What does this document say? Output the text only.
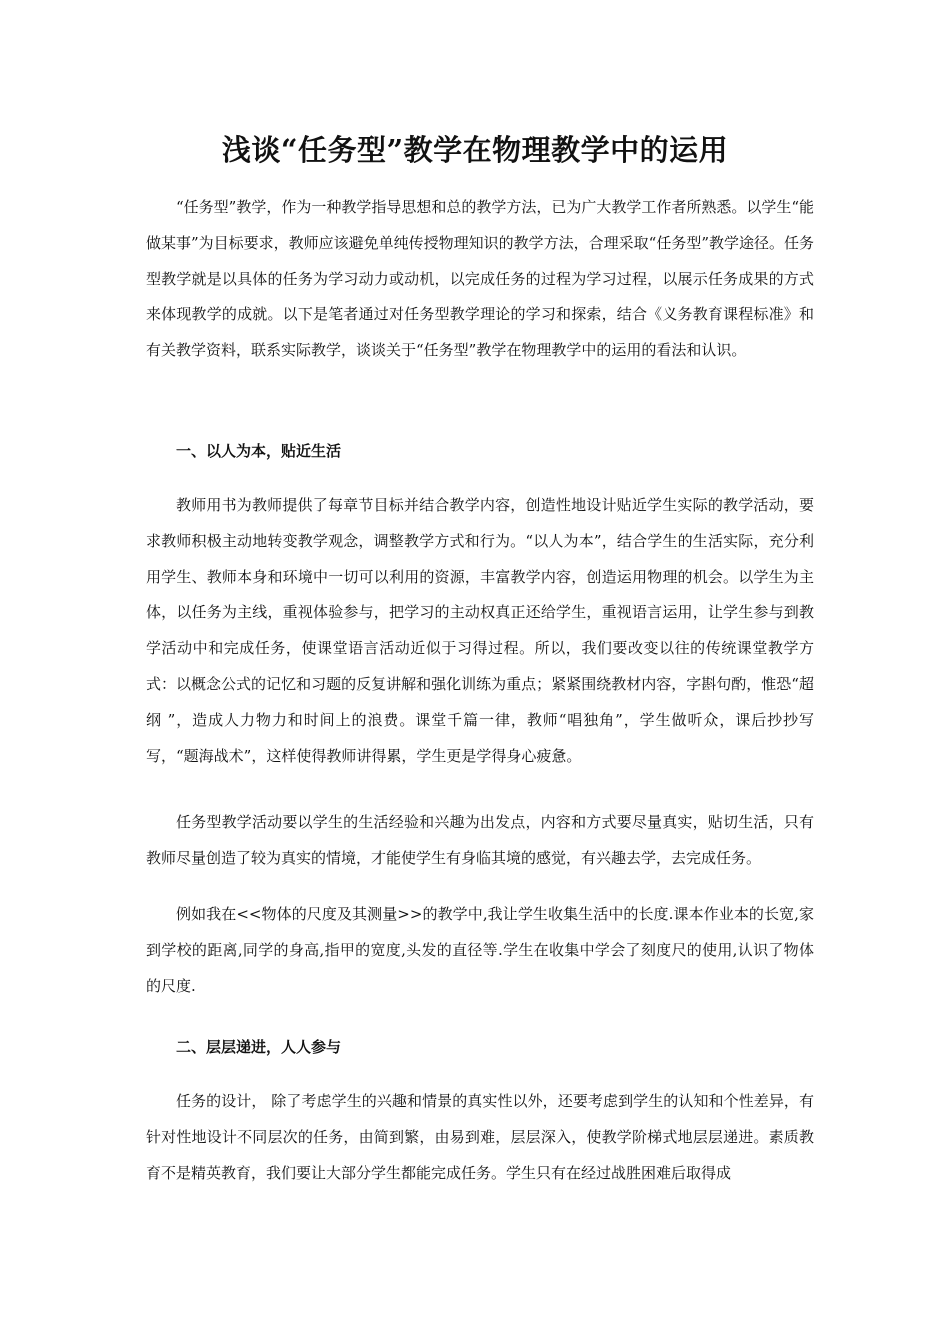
浅谈“任务型”教学在物理教学中的运用

“任务型”教学，作为一种教学指导思想和总的教学方法，已为广大教学工作者所熟悉。以学生“能做某事”为目标要求，教师应该避免单纯传授物理知识的教学方法，合理采取“任务型”教学途径。任务型教学就是以具体的任务为学习动力或动机，以完成任务的过程为学习过程，以展示任务成果的方式来体现教学的成就。以下是笔者通过对任务型教学理论的学习和探索，结合《义务教育课程标准》和有关教学资料，联系实际教学，谈谈关于“任务型”教学在物理教学中的运用的看法和认识。

一、以人为本，贴近生活

教师用书为教师提供了每章节目标并结合教学内容，创造性地设计贴近学生实际的教学活动，要求教师积极主动地转变教学观念，调整教学方式和行为。“以人为本”，结合学生的生活实际，充分利用学生、教师本身和环境中一切可以利用的资源，丰富教学内容，创造运用物理的机会。以学生为主体，以任务为主线，重视体验参与，把学习的主动权真正还给学生，重视语言运用，让学生参与到教学活动中和完成任务，使课堂语言活动近似于习得过程。所以，我们要改变以往的传统课堂教学方式：以概念公式的记忆和习题的反复讲解和强化训练为重点；紧紧围绕教材内容，字斟句酌，惟恐“超纲 ”，造成人力物力和时间上的浪费。课堂千篇一律，教师“唱独角”，学生做听众，课后抄抄写写，“题海战术”，这样使得教师讲得累，学生更是学得身心疲惫。

任务型教学活动要以学生的生活经验和兴趣为出发点，内容和方式要尽量真实，贴切生活，只有教师尽量创造了较为真实的情境，才能使学生有身临其境的感觉，有兴趣去学，去完成任务。

例如我在<<物体的尺度及其测量>>的教学中,我让学生收集生活中的长度.课本作业本的长宽,家到学校的距离,同学的身高,指甲的宽度,头发的直径等.学生在收集中学会了刻度尺的使用,认识了物体的尺度.

二、层层递进，人人参与

任务的设计， 除了考虑学生的兴趣和情景的真实性以外，还要考虑到学生的认知和个性差异，有针对性地设计不同层次的任务，由简到繁，由易到难，层层深入，使教学阶梯式地层层递进。素质教育不是精英教育，我们要让大部分学生都能完成任务。学生只有在经过战胜困难后取得成
